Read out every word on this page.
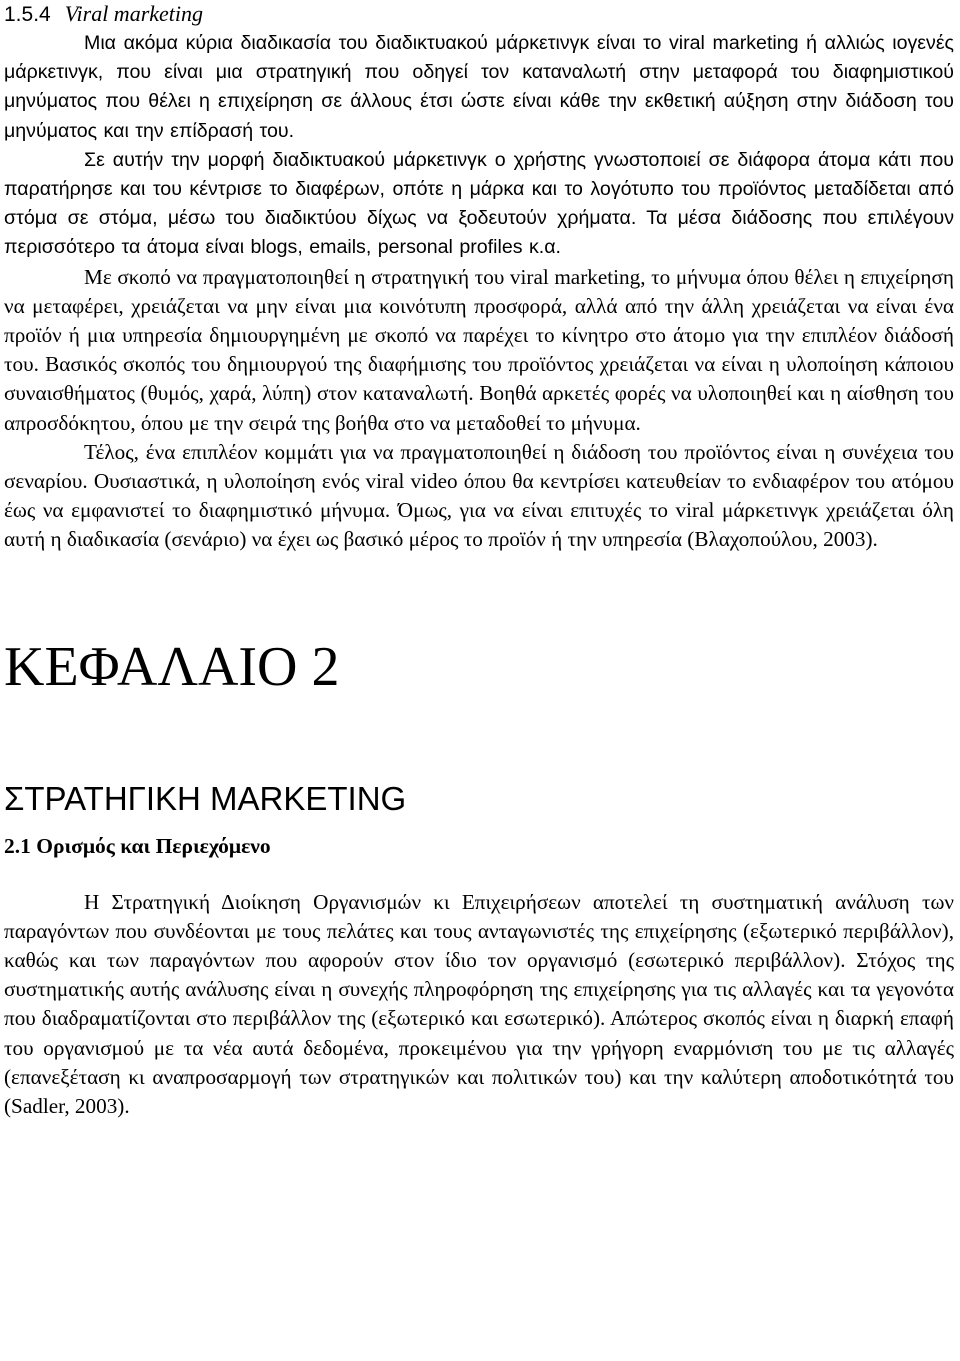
1.5.4 Viral marketing

Μια ακόμα κύρια διαδικασία του διαδικτυακού μάρκετινγκ είναι το viral marketing ή αλλιώς ιογενές μάρκετινγκ, που είναι μια στρατηγική που οδηγεί τον καταναλωτή στην μεταφορά του διαφημιστικού μηνύματος που θέλει η επιχείρηση σε άλλους έτσι ώστε είναι κάθε την εκθετική αύξηση στην διάδοση του μηνύματος και την επίδρασή του.

Σε αυτήν την μορφή διαδικτυακού μάρκετινγκ ο χρήστης γνωστοποιεί σε διάφορα άτομα κάτι που παρατήρησε και του κέντρισε το διαφέρων, οπότε η μάρκα και το λογότυπο του προϊόντος μεταδίδεται από στόμα σε στόμα, μέσω του διαδικτύου δίχως να ξοδευτούν χρήματα. Τα μέσα διάδοσης που επιλέγουν περισσότερο τα άτομα είναι blogs, emails, personal profiles κ.α.

Με σκοπό να πραγματοποιηθεί η στρατηγική του viral marketing, το μήνυμα όπου θέλει η επιχείρηση να μεταφέρει, χρειάζεται να μην είναι μια κοινότυπη προσφορά, αλλά από την άλλη χρειάζεται να είναι ένα προϊόν ή μια υπηρεσία δημιουργημένη με σκοπό να παρέχει το κίνητρο στο άτομο για την επιπλέον διάδοσή του. Βασικός σκοπός του δημιουργού της διαφήμισης του προϊόντος χρειάζεται να είναι η υλοποίηση κάποιου συναισθήματος (θυμός, χαρά, λύπη) στον καταναλωτή. Βοηθά αρκετές φορές να υλοποιηθεί και η αίσθηση του απροσδόκητου, όπου με την σειρά της βοήθα στο να μεταδοθεί το μήνυμα.

Τέλος, ένα επιπλέον κομμάτι για να πραγματοποιηθεί η διάδοση του προϊόντος είναι η συνέχεια του σεναρίου. Ουσιαστικά, η υλοποίηση ενός viral video όπου θα κεντρίσει κατευθείαν το ενδιαφέρον του ατόμου έως να εμφανιστεί το διαφημιστικό μήνυμα. Όμως, για να είναι επιτυχές το viral μάρκετινγκ χρειάζεται όλη αυτή η διαδικασία (σενάριο) να έχει ως βασικό μέρος το προϊόν ή την υπηρεσία (Βλαχοπούλου, 2003).

ΚΕΦΑΛΑΙΟ 2
ΣΤΡΑΤΗΓΙΚΗ MARKETING
2.1 Ορισμός και Περιεχόμενο

Η Στρατηγική Διοίκηση Οργανισμών κι Επιχειρήσεων αποτελεί τη συστηματική ανάλυση των παραγόντων που συνδέονται με τους πελάτες και τους ανταγωνιστές της επιχείρησης (εξωτερικό περιβάλλον), καθώς και των παραγόντων που αφορούν στον ίδιο τον οργανισμό (εσωτερικό περιβάλλον). Στόχος της συστηματικής αυτής ανάλυσης είναι η συνεχής πληροφόρηση της επιχείρησης για τις αλλαγές και τα γεγονότα που διαδραματίζονται στο περιβάλλον της (εξωτερικό και εσωτερικό). Απώτερος σκοπός είναι η διαρκή επαφή του οργανισμού με τα νέα αυτά δεδομένα, προκειμένου για την γρήγορη εναρμόνιση του με τις αλλαγές (επανεξέταση κι αναπροσαρμογή των στρατηγικών και πολιτικών του) και την καλύτερη αποδοτικότητά του (Sadler, 2003).
